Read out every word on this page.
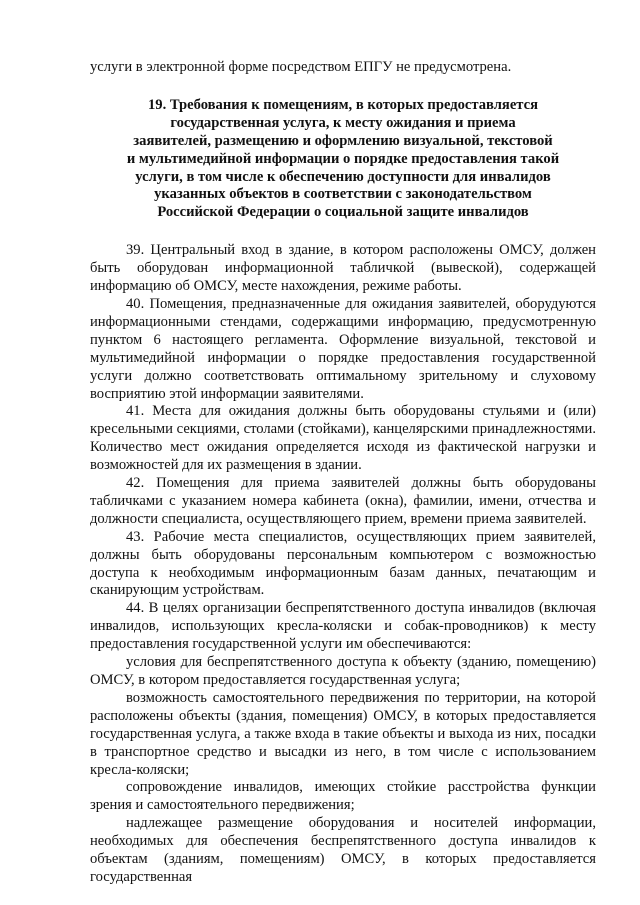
услуги в электронной форме посредством ЕПГУ не предусмотрена.

19. Требования к помещениям, в которых предоставляется
государственная услуга, к месту ожидания и приема
заявителей, размещению и оформлению визуальной, текстовой
и мультимедийной информации о порядке предоставления такой
услуги, в том числе к обеспечению доступности для инвалидов
указанных объектов в соответствии с законодательством
Российской Федерации о социальной защите инвалидов

39. Центральный вход в здание, в котором расположены ОМСУ, должен быть оборудован информационной табличкой (вывеской), содержащей информацию об ОМСУ, месте нахождения, режиме работы.

40. Помещения, предназначенные для ожидания заявителей, оборудуются информационными стендами, содержащими информацию, предусмотренную пунктом 6 настоящего регламента. Оформление визуальной, текстовой и мультимедийной информации о порядке предоставления государственной услуги должно соответствовать оптимальному зрительному и слуховому восприятию этой информации заявителями.

41. Места для ожидания должны быть оборудованы стульями и (или) кресельными секциями, столами (стойками), канцелярскими принадлежностями. Количество мест ожидания определяется исходя из фактической нагрузки и возможностей для их размещения в здании.

42. Помещения для приема заявителей должны быть оборудованы табличками с указанием номера кабинета (окна), фамилии, имени, отчества и должности специалиста, осуществляющего прием, времени приема заявителей.

43. Рабочие места специалистов, осуществляющих прием заявителей, должны быть оборудованы персональным компьютером с возможностью доступа к необходимым информационным базам данных, печатающим и сканирующим устройствам.

44. В целях организации беспрепятственного доступа инвалидов (включая инвалидов, использующих кресла-коляски и собак-проводников) к месту предоставления государственной услуги им обеспечиваются:

условия для беспрепятственного доступа к объекту (зданию, помещению) ОМСУ, в котором предоставляется государственная услуга;

возможность самостоятельного передвижения по территории, на которой расположены объекты (здания, помещения) ОМСУ, в которых предоставляется государственная услуга, а также входа в такие объекты и выхода из них, посадки в транспортное средство и высадки из него, в том числе с использованием кресла-коляски;

сопровождение инвалидов, имеющих стойкие расстройства функции зрения и самостоятельного передвижения;

надлежащее размещение оборудования и носителей информации, необходимых для обеспечения беспрепятственного доступа инвалидов к объектам (зданиям, помещениям) ОМСУ, в которых предоставляется государственная
